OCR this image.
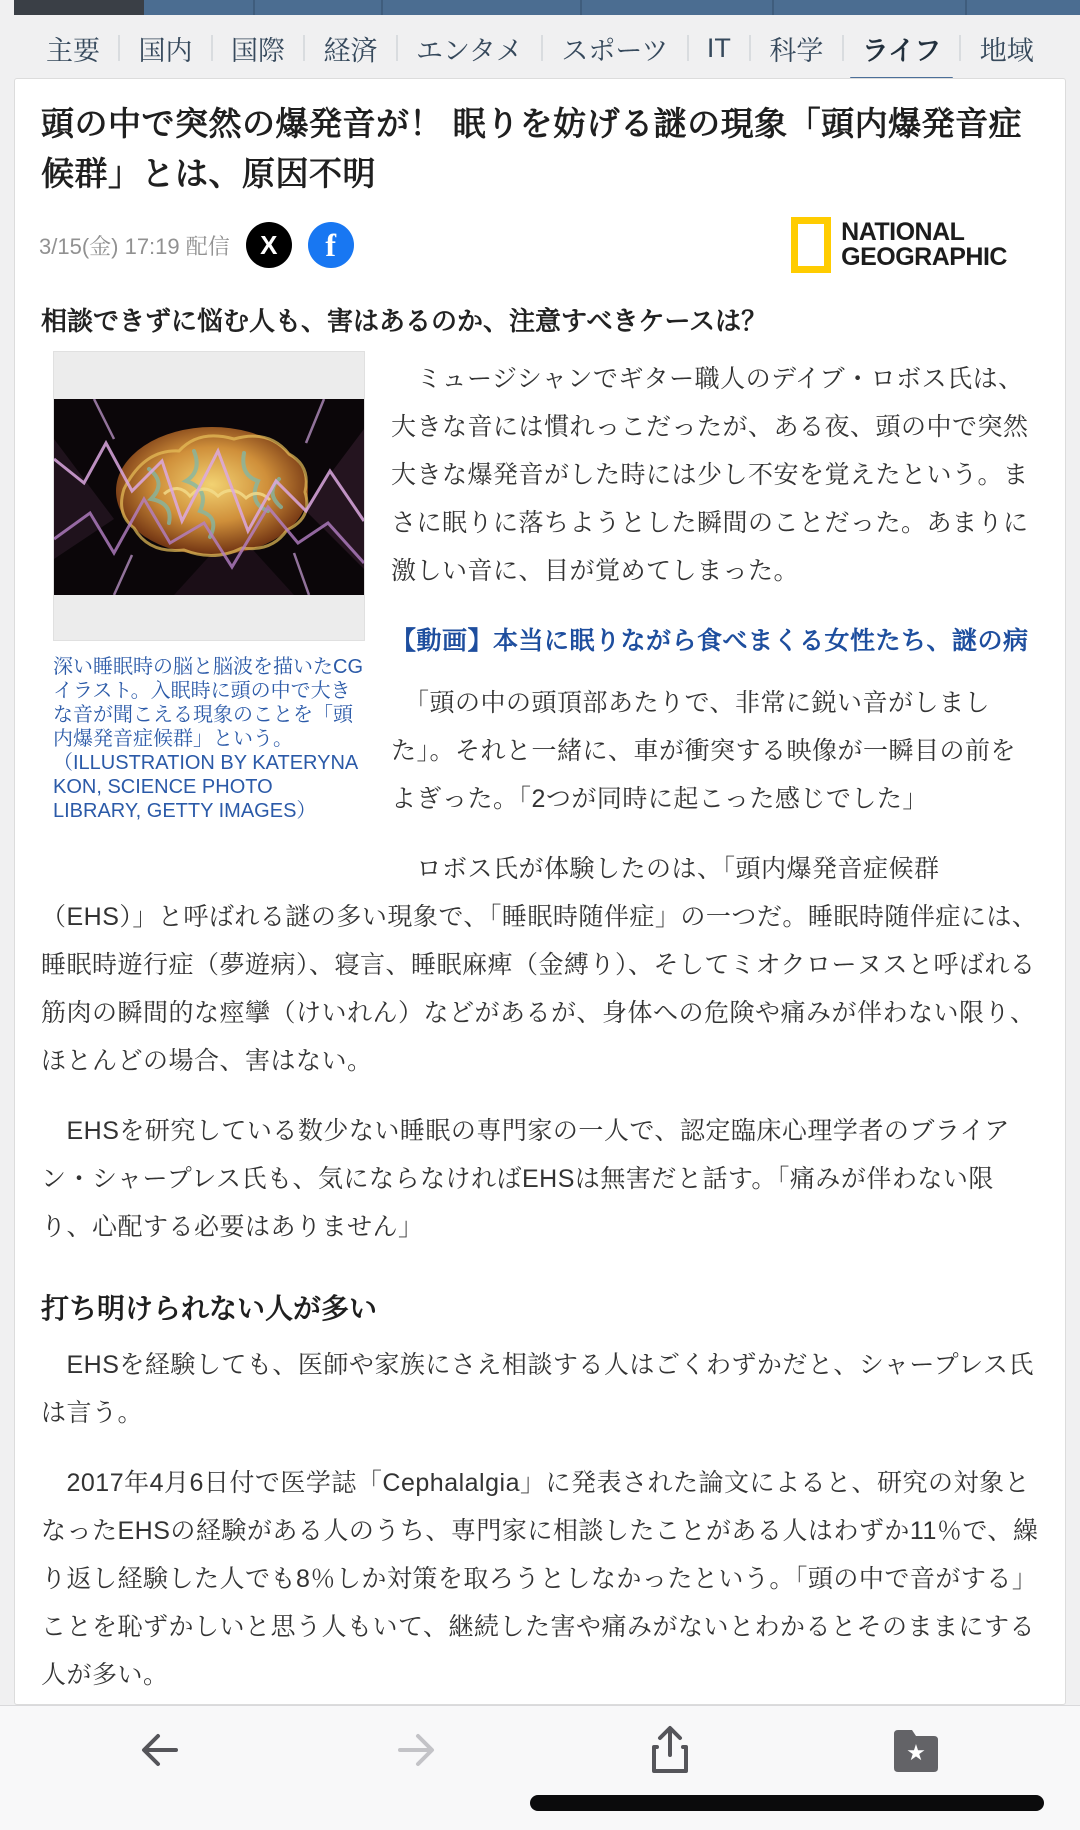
主要 国内 国際 経済 エンタメ スポーツ IT 科学 ライフ 地域
頭の中で突然の爆発音が！ 眠りを妨げる謎の現象「頭内爆発音症候群」とは、原因不明
3/15(金) 17:19 配信 X f	NATIONAL
GEOGRAPHIC

相談できずに悩む人も、害はあるのか、注意すべきケースは？

深い睡眠時の脳と脳波を描いたCGイラスト。入眠時に頭の中で大きな音が聞こえる現象のことを「頭内爆発音症候群」という。（ILLUSTRATION BY KATERYNA KON, SCIENCE PHOTO LIBRARY, GETTY IMAGES）

　ミュージシャンでギター職人のデイブ・ロボス氏は、大きな音には慣れっこだったが、ある夜、頭の中で突然大きな爆発音がした時には少し不安を覚えたという。まさに眠りに落ちようとした瞬間のことだった。あまりに激しい音に、目が覚めてしまった。

【動画】本当に眠りながら食べまくる女性たち、謎の病

　「頭の中の頭頂部あたりで、非常に鋭い音がしました」。それと一緒に、車が衝突する映像が一瞬目の前をよぎった。「2つが同時に起こった感じでした」

　ロボス氏が体験したのは、「頭内爆発音症候群（EHS）」と呼ばれる謎の多い現象で、「睡眠時随伴症」の一つだ。睡眠時随伴症には、睡眠時遊行症（夢遊病）、寝言、睡眠麻痺（金縛り）、そしてミオクローヌスと呼ばれる筋肉の瞬間的な痙攣（けいれん）などがあるが、身体への危険や痛みが伴わない限り、ほとんどの場合、害はない。

　EHSを研究している数少ない睡眠の専門家の一人で、認定臨床心理学者のブライアン・シャープレス氏も、気にならなければEHSは無害だと話す。「痛みが伴わない限り、心配する必要はありません」

打ち明けられない人が多い

　EHSを経験しても、医師や家族にさえ相談する人はごくわずかだと、シャープレス氏は言う。

　2017年4月6日付で医学誌「Cephalalgia」に発表された論文によると、研究の対象となったEHSの経験がある人のうち、専門家に相談したことがある人はわずか11％で、繰り返し経験した人でも8％しか対策を取ろうとしなかったという。「頭の中で音がする」ことを恥ずかしいと思う人もいて、継続した害や痛みがないとわかるとそのままにする人が多い。

★
